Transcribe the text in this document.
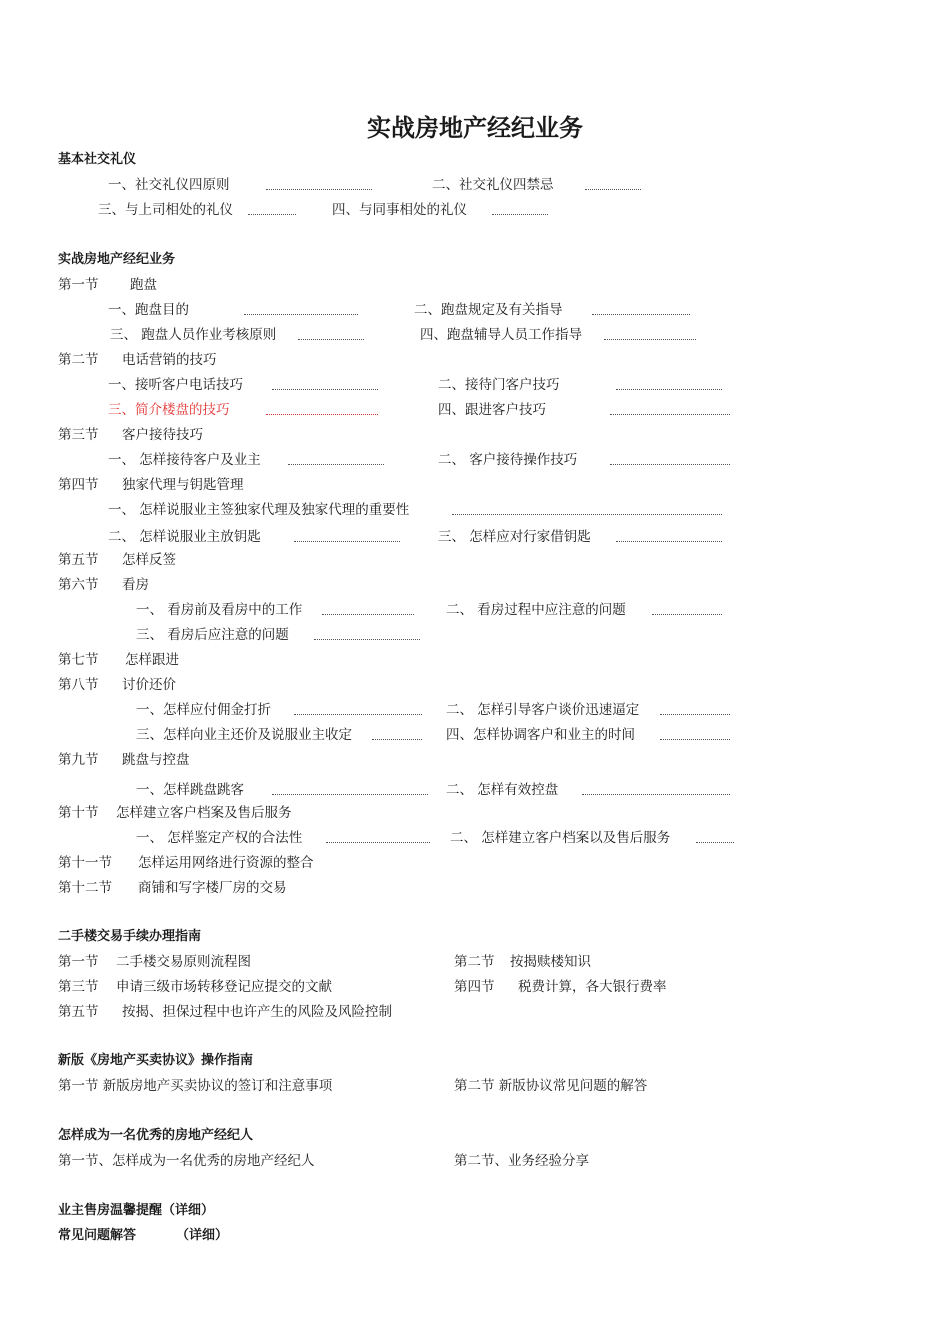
实战房地产经纪业务
基本社交礼仪
一、社交礼仪四原则	二、社交礼仪四禁忌
三、与上司相处的礼仪	四、与同事相处的礼仪
实战房地产经纪业务
第一节 跑盘
一、跑盘目的	二、跑盘规定及有关指导
三、 跑盘人员作业考核原则	四、跑盘辅导人员工作指导
第二节 电话营销的技巧
一、接听客户电话技巧	二、接待门客户技巧
三、简介楼盘的技巧	四、跟进客户技巧
第三节 客户接待技巧
一、 怎样接待客户及业主	二、 客户接待操作技巧
第四节 独家代理与钥匙管理
一、 怎样说服业主签独家代理及独家代理的重要性
二、 怎样说服业主放钥匙	三、 怎样应对行家借钥匙
第五节 怎样反签
第六节 看房
一、 看房前及看房中的工作	二、 看房过程中应注意的问题
三、 看房后应注意的问题
第七节 怎样跟进
第八节 讨价还价
一、怎样应付佣金打折	二、 怎样引导客户谈价迅速逼定
三、怎样向业主还价及说服业主收定	四、怎样协调客户和业主的时间
第九节 跳盘与控盘
一、怎样跳盘跳客	二、 怎样有效控盘
第十节 怎样建立客户档案及售后服务
一、 怎样鉴定产权的合法性	二、 怎样建立客户档案以及售后服务
第十一节 怎样运用网络进行资源的整合
第十二节 商铺和写字楼厂房的交易
二手楼交易手续办理指南
第一节 二手楼交易原则流程图	第二节 按揭赎楼知识
第三节 申请三级市场转移登记应提交的文献	第四节 税费计算，各大银行费率
第五节 按揭、担保过程中也许产生的风险及风险控制
新版《房地产买卖协议》操作指南
第一节 新版房地产买卖协议的签订和注意事项	第二节 新版协议常见问题的解答
怎样成为一名优秀的房地产经纪人
第一节、怎样成为一名优秀的房地产经纪人	第二节、业务经验分享
业主售房温馨提醒（详细）
常见问题解答	（详细）
